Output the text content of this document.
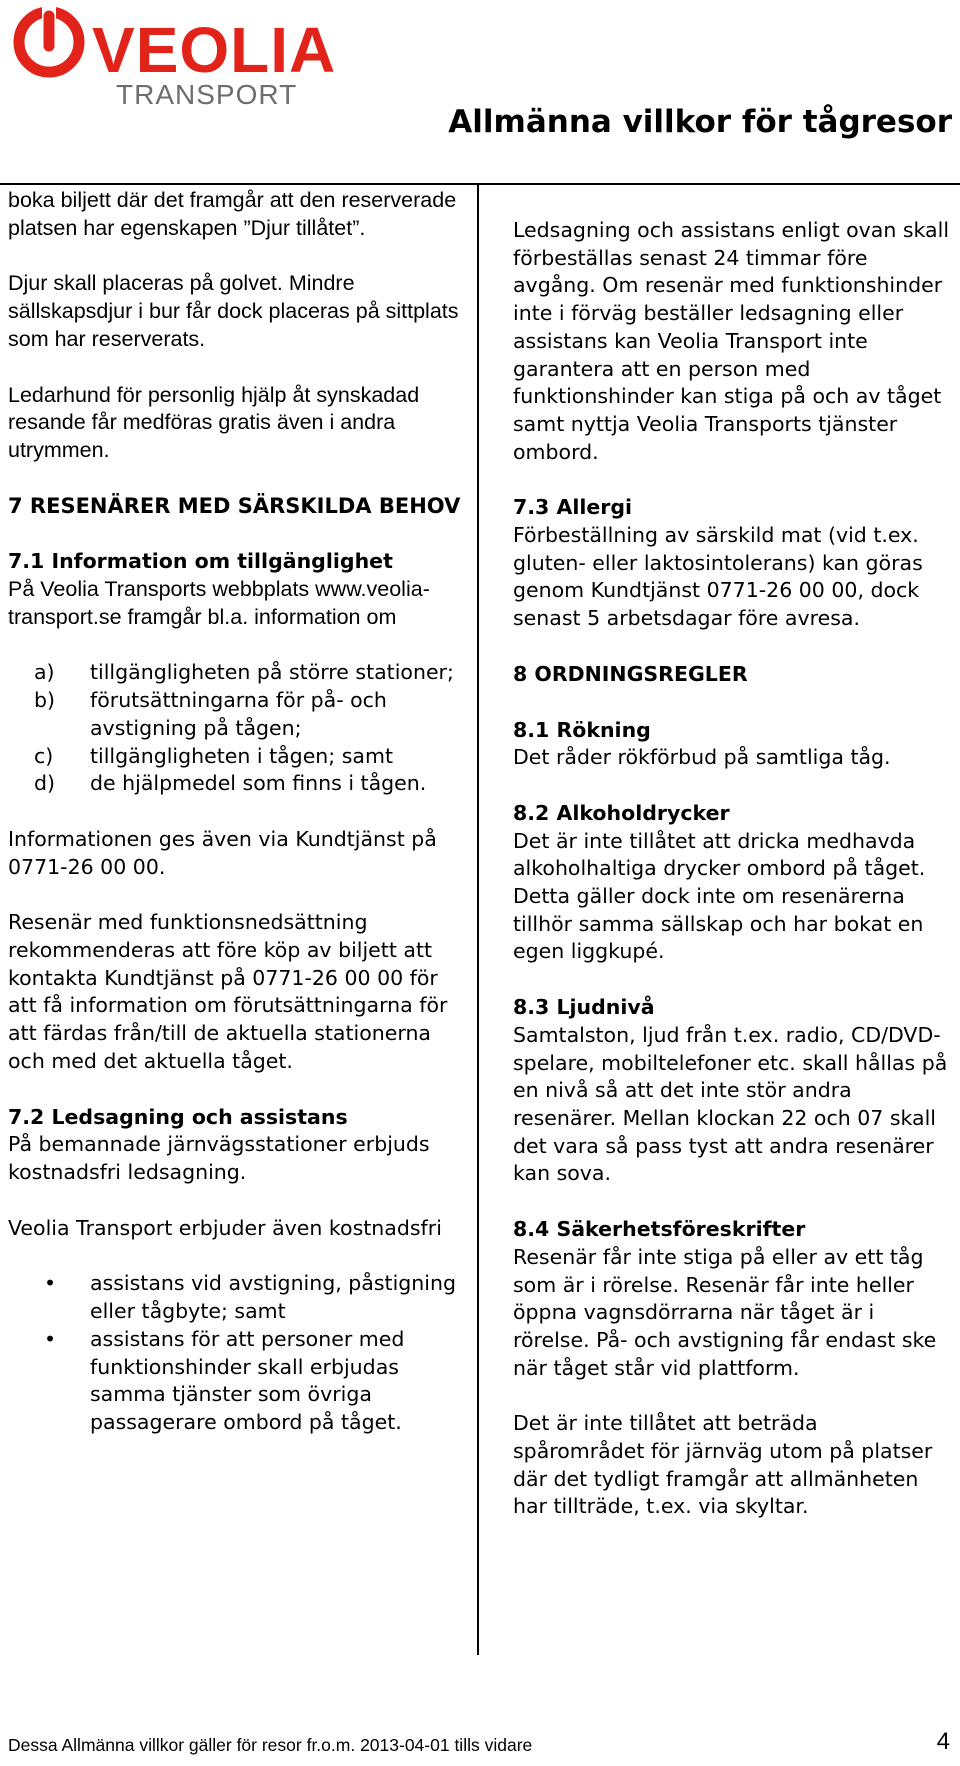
VEOLIA
TRANSPORT
Allmänna villkor för tågresor

boka biljett där det framgår att den reserverade platsen har egenskapen ”Djur tillåtet”.

Djur skall placeras på golvet. Mindre sällskapsdjur i bur får dock placeras på sittplats som har reserverats.

Ledarhund för personlig hjälp åt synskadad resande får medföras gratis även i andra utrymmen.

7 RESENÄRER MED SÄRSKILDA BEHOV

7.1 Information om tillgänglighet

På Veolia Transports webbplats www.veolia-transport.se framgår bl.a. information om

a) tillgängligheten på större stationer;
b) förutsättningarna för på- och avstigning på tågen;
c) tillgängligheten i tågen; samt
d) de hjälpmedel som finns i tågen.

Informationen ges även via Kundtjänst på 0771-26 00 00.

Resenär med funktionsnedsättning rekommenderas att före köp av biljett att kontakta Kundtjänst på 0771-26 00 00 för att få information om förutsättningarna för att färdas från/till de aktuella stationerna och med det aktuella tåget.

7.2 Ledsagning och assistans

På bemannade järnvägsstationer erbjuds kostnadsfri ledsagning.

Veolia Transport erbjuder även kostnadsfri

• assistans vid avstigning, påstigning eller tågbyte; samt
• assistans för att personer med funktionshinder skall erbjudas samma tjänster som övriga passagerare ombord på tåget.

Ledsagning och assistans enligt ovan skall förbeställas senast 24 timmar före avgång. Om resenär med funktionshinder inte i förväg beställer ledsagning eller assistans kan Veolia Transport inte garantera att en person med funktionshinder kan stiga på och av tåget samt nyttja Veolia Transports tjänster ombord.

7.3 Allergi

Förbeställning av särskild mat (vid t.ex. gluten- eller laktosintolerans) kan göras genom Kundtjänst 0771-26 00 00, dock senast 5 arbetsdagar före avresa.

8 ORDNINGSREGLER

8.1 Rökning

Det råder rökförbud på samtliga tåg.

8.2 Alkoholdrycker

Det är inte tillåtet att dricka medhavda alkoholhaltiga drycker ombord på tåget. Detta gäller dock inte om resenärerna tillhör samma sällskap och har bokat en egen liggkupé.

8.3 Ljudnivå

Samtalston, ljud från t.ex. radio, CD/DVD-spelare, mobiltelefoner etc. skall hållas på en nivå så att det inte stör andra resenärer. Mellan klockan 22 och 07 skall det vara så pass tyst att andra resenärer kan sova.

8.4 Säkerhetsföreskrifter

Resenär får inte stiga på eller av ett tåg som är i rörelse. Resenär får inte heller öppna vagnsdörrarna när tåget är i rörelse. På- och avstigning får endast ske när tåget står vid plattform.

Det är inte tillåtet att beträda spårområdet för järnväg utom på platser där det tydligt framgår att allmänheten har tillträde, t.ex. via skyltar.

Dessa Allmänna villkor gäller för resor fr.o.m. 2013-04-01 tills vidare	4
